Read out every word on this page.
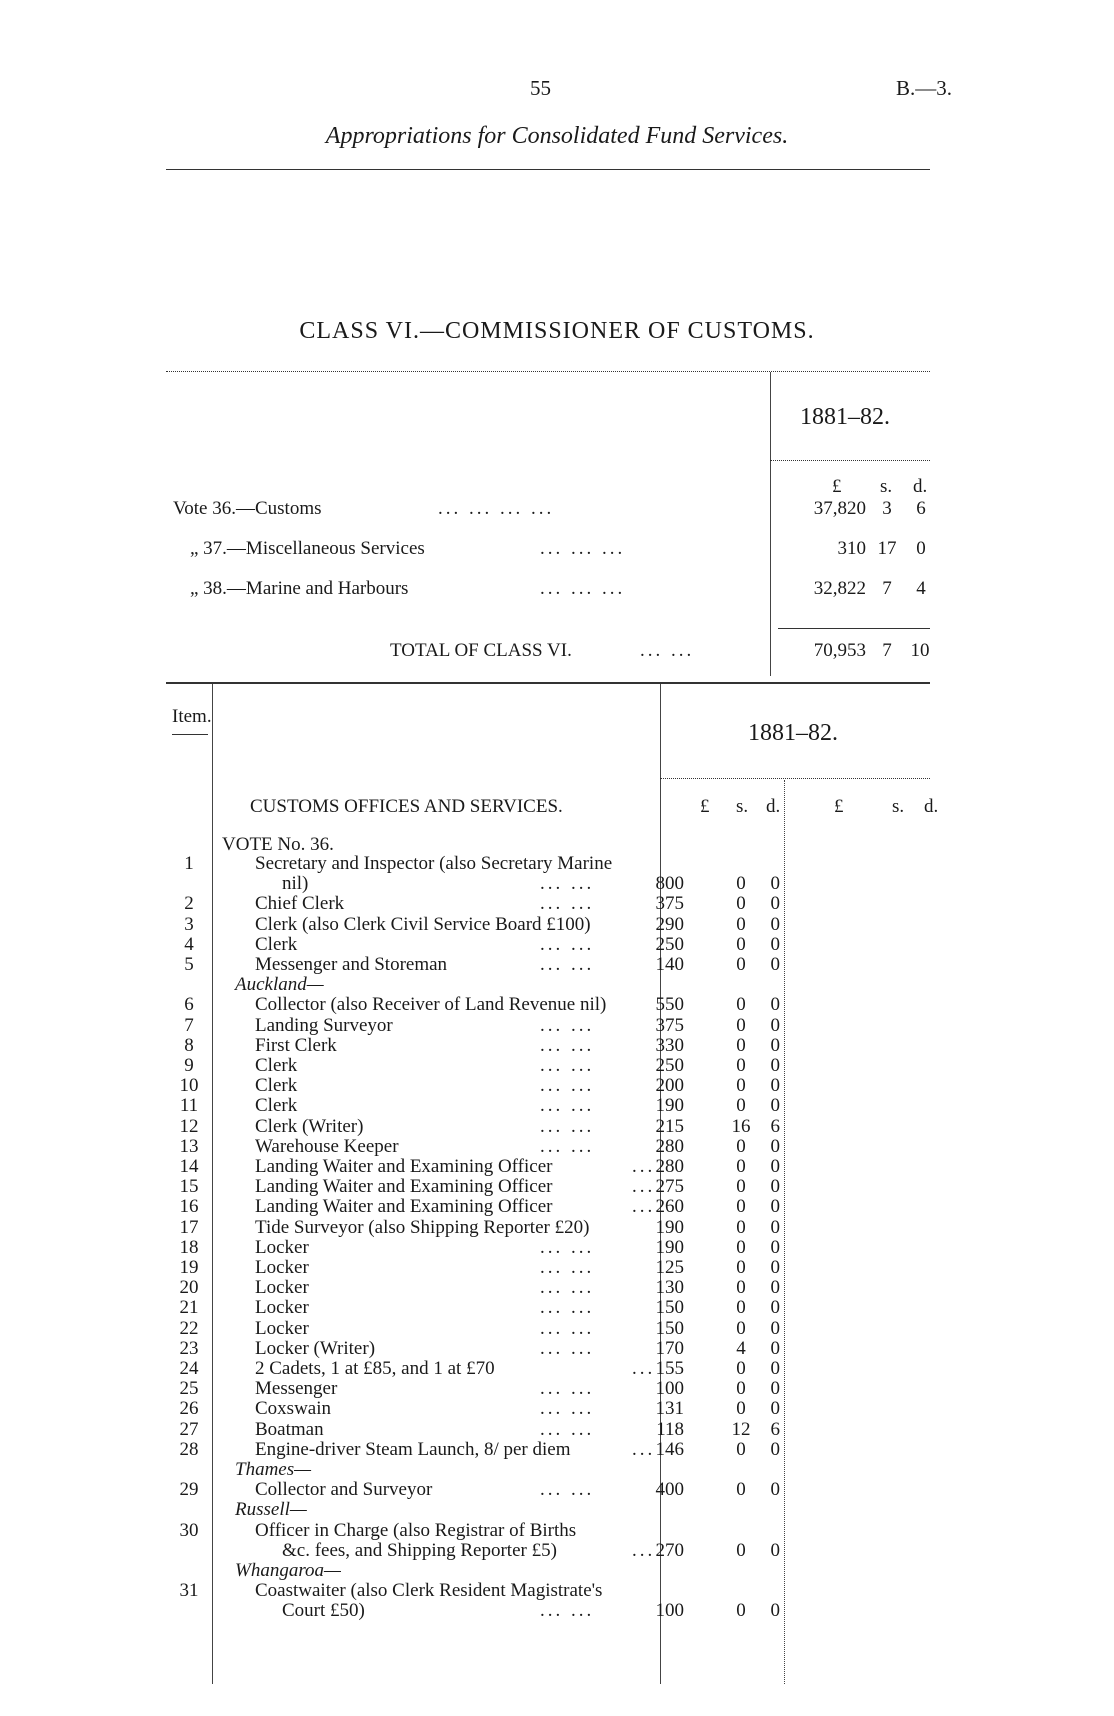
55	B.—3.
Appropriations for Consolidated Fund Services.
CLASS VI.—COMMISSIONER OF CUSTOMS.
1881–82.
£ s. d.
Vote 36.—Customs	... ... ... ...	37,820 3 6
„ 37.—Miscellaneous Services	... ... ...	310 17 0
„ 38.—Marine and Harbours	... ... ...	32,822 7 4
TOTAL OF CLASS VI.	... ...	70,953 7 10
Item.
1881–82.
CUSTOMS OFFICES AND SERVICES.	£ s. d.	£	s. d.
VOTE No. 36.
1	Secretary and Inspector (also Secretary Marine
nil)	... ...	800	0	0
2	Chief Clerk	... ...	375	0	0
3	Clerk (also Clerk Civil Service Board £100)	290	0	0
4	Clerk	... ...	250	0	0
5	Messenger and Storeman	... ...	140	0	0
Auckland—
6	Collector (also Receiver of Land Revenue nil)	550	0	0
7	Landing Surveyor	... ...	375	0	0
8	First Clerk	... ...	330	0	0
9	Clerk	... ...	250	0	0
10	Clerk	... ...	200	0	0
11	Clerk	... ...	190	0	0
12	Clerk (Writer)	... ...	215	16	6
13	Warehouse Keeper	... ...	280	0	0
14	Landing Waiter and Examining Officer	... 280	0	0
15	Landing Waiter and Examining Officer	... 275	0	0
16	Landing Waiter and Examining Officer	... 260	0	0
17	Tide Surveyor (also Shipping Reporter £20)	190	0	0
18	Locker	... ...	190	0	0
19	Locker	... ...	125	0	0
20	Locker	... ...	130	0	0
21	Locker	... ...	150	0	0
22	Locker	... ...	150	0	0
23	Locker (Writer)	... ...	170	4	0
24	2 Cadets, 1 at £85, and 1 at £70	... 155	0	0
25	Messenger	... ...	100	0	0
26	Coxswain	... ...	131	0	0
27	Boatman	... ...	118	12	6
28	Engine-driver Steam Launch, 8/ per diem	... 146	0	0
Thames—
29	Collector and Surveyor	... ...	400	0	0
Russell—
30	Officer in Charge (also Registrar of Births
&c. fees, and Shipping Reporter £5)	... 270	0	0
Whangaroa—
31	Coastwaiter (also Clerk Resident Magistrate's
Court £50)	... ...	100	0	0
